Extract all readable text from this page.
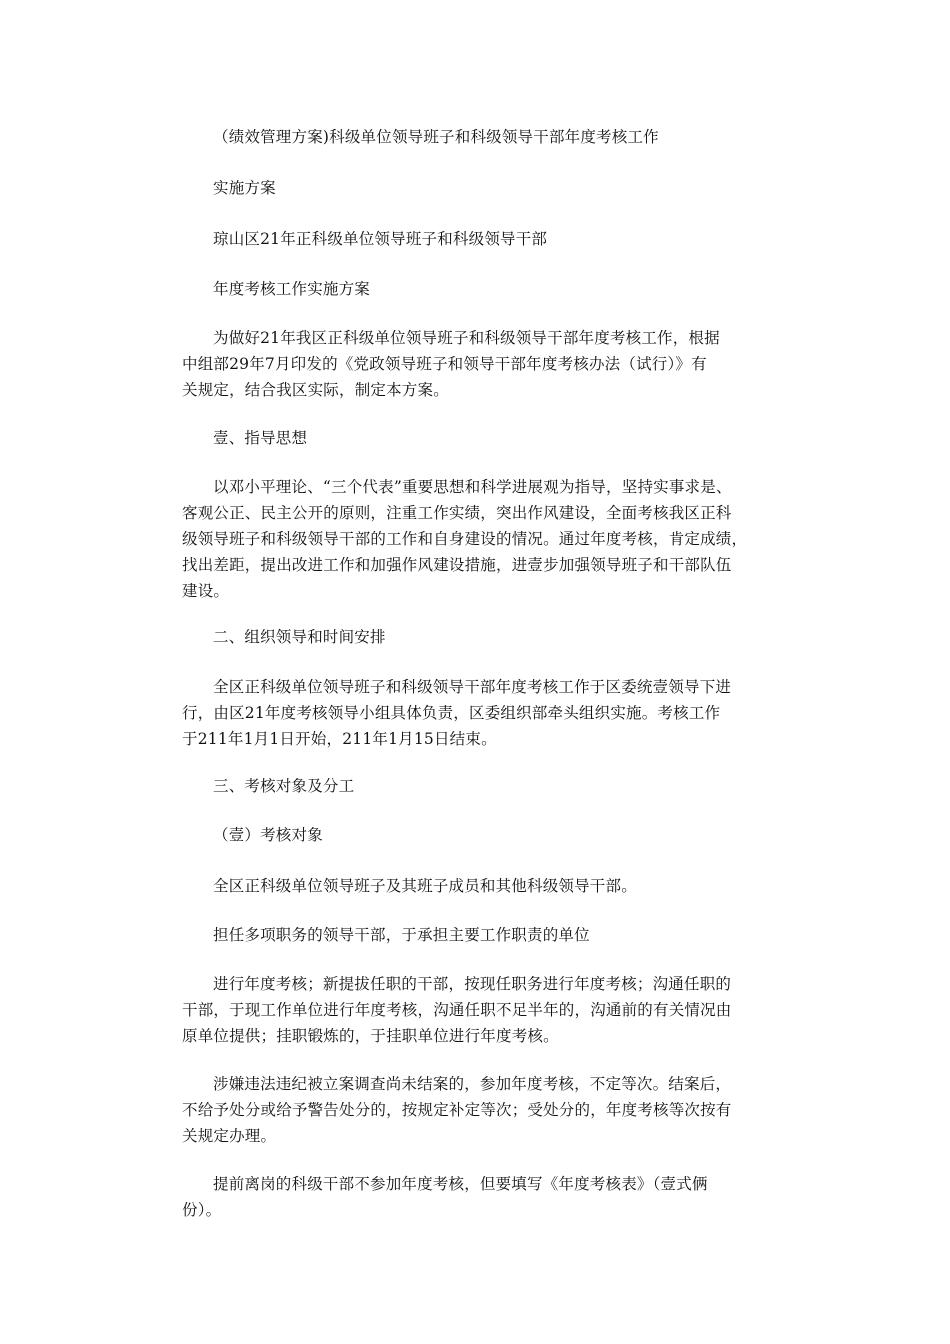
（绩效管理方案)科级单位领导班子和科级领导干部年度考核工作

实施方案

琼山区21年正科级单位领导班子和科级领导干部

年度考核工作实施方案

为做好21年我区正科级单位领导班子和科级领导干部年度考核工作，根据
中组部29年7月印发的《党政领导班子和领导干部年度考核办法（试行）》有
关规定，结合我区实际，制定本方案。

壹、指导思想

以邓小平理论、“三个代表”重要思想和科学进展观为指导，坚持实事求是、
客观公正、民主公开的原则，注重工作实绩，突出作风建设，全面考核我区正科
级领导班子和科级领导干部的工作和自身建设的情况。通过年度考核，肯定成绩，
找出差距，提出改进工作和加强作风建设措施，进壹步加强领导班子和干部队伍
建设。

二、组织领导和时间安排

全区正科级单位领导班子和科级领导干部年度考核工作于区委统壹领导下进
行，由区21年度考核领导小组具体负责，区委组织部牵头组织实施。考核工作
于211年1月1日开始，211年1月15日结束。

三、考核对象及分工

（壹）考核对象

全区正科级单位领导班子及其班子成员和其他科级领导干部。

担任多项职务的领导干部，于承担主要工作职责的单位

进行年度考核；新提拔任职的干部，按现任职务进行年度考核；沟通任职的
干部，于现工作单位进行年度考核，沟通任职不足半年的，沟通前的有关情况由
原单位提供；挂职锻炼的，于挂职单位进行年度考核。

涉嫌违法违纪被立案调查尚未结案的，参加年度考核，不定等次。结案后，
不给予处分或给予警告处分的，按规定补定等次；受处分的，年度考核等次按有
关规定办理。

提前离岗的科级干部不参加年度考核，但要填写《年度考核表》（壹式俩
份）。
